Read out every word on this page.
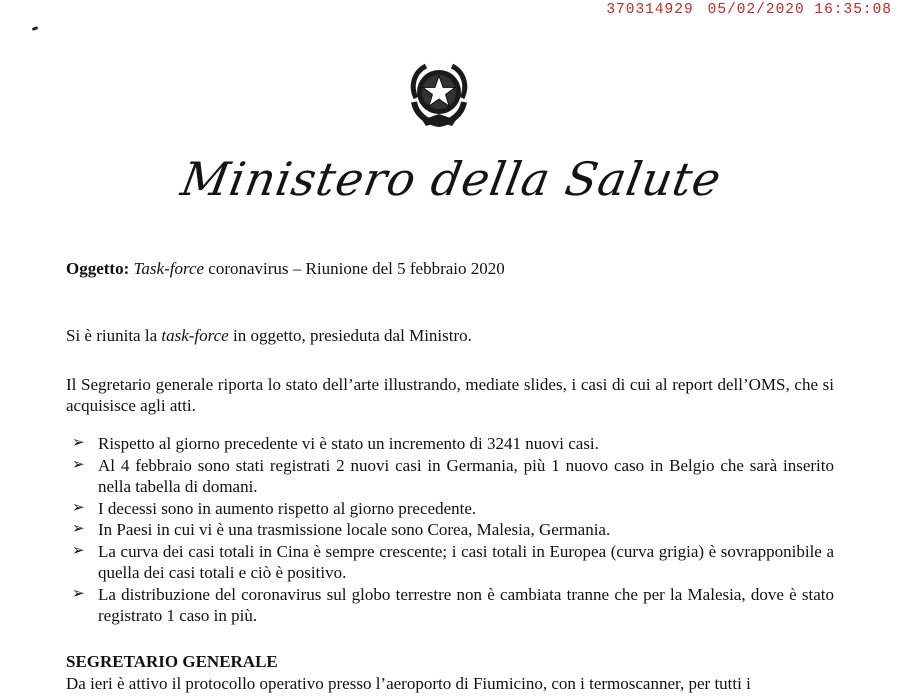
370314929 05/02/2020 16:35:08
Ministero della Salute
Oggetto: Task-force coronavirus – Riunione del 5 febbraio 2020
Si è riunita la task-force in oggetto, presieduta dal Ministro.
Il Segretario generale riporta lo stato dell’arte illustrando, mediate slides, i casi di cui al report dell’OMS, che si acquisisce agli atti.
➢ Rispetto al giorno precedente vi è stato un incremento di 3241 nuovi casi.
➢ Al 4 febbraio sono stati registrati 2 nuovi casi in Germania, più 1 nuovo caso in Belgio che sarà inserito nella tabella di domani.
➢ I decessi sono in aumento rispetto al giorno precedente.
➢ In Paesi in cui vi è una trasmissione locale sono Corea, Malesia, Germania.
➢ La curva dei casi totali in Cina è sempre crescente; i casi totali in Europea (curva grigia) è sovrapponibile a quella dei casi totali e ciò è positivo.
➢ La distribuzione del coronavirus sul globo terrestre non è cambiata tranne che per la Malesia, dove è stato registrato 1 caso in più.
SEGRETARIO GENERALE
Da ieri è attivo il protocollo operativo presso l’aeroporto di Fiumicino, con i termoscanner, per tutti i
